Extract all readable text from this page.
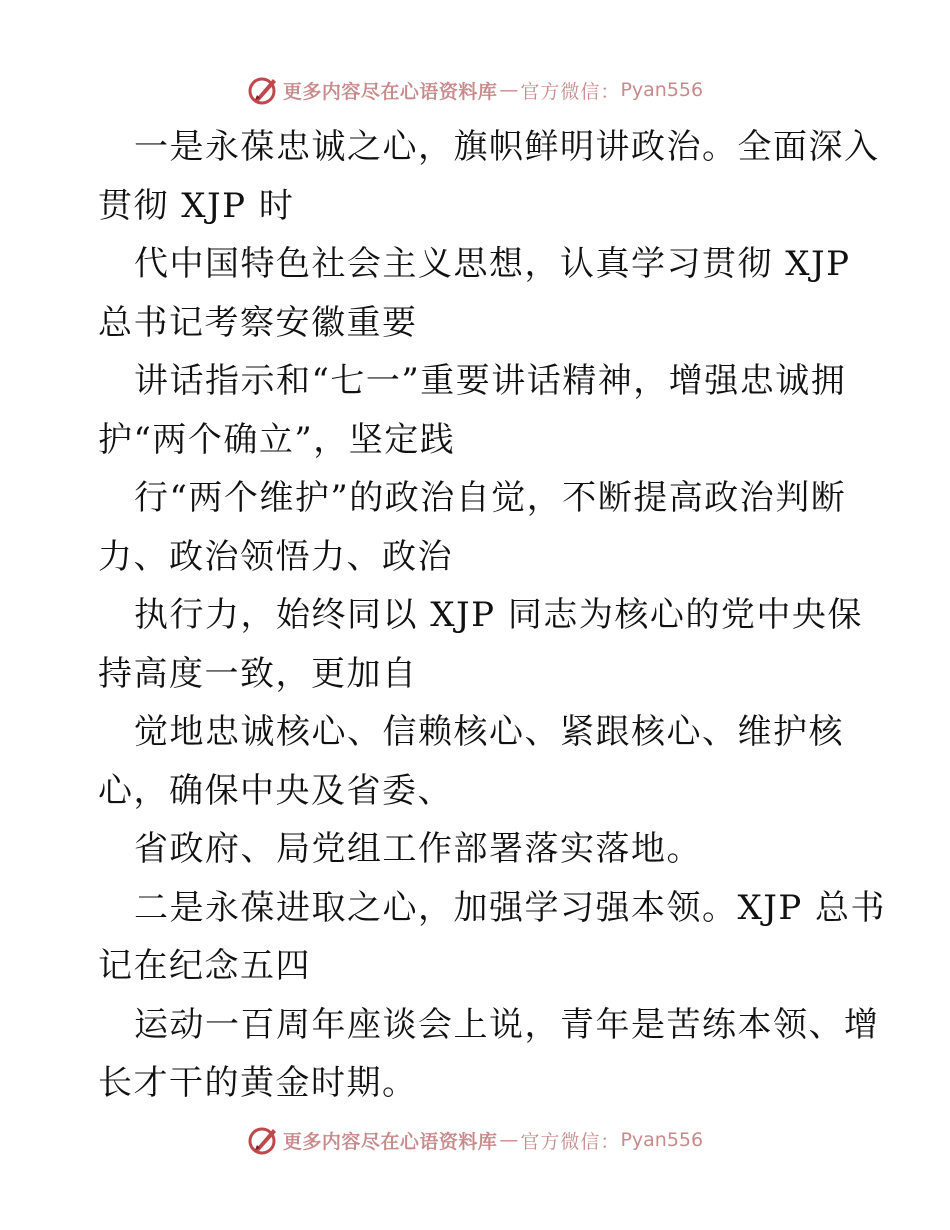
更多内容尽在心语资料库 — 官方微信： Pyan556
一是永葆忠诚之心，旗帜鲜明讲政治。全面深入
贯彻 XJP 时
代中国特色社会主义思想，认真学习贯彻 XJP
总书记考察安徽重要
讲话指示和“七一”重要讲话精神，增强忠诚拥
护“两个确立”，坚定践
行“两个维护”的政治自觉，不断提高政治判断
力、政治领悟力、政治
执行力，始终同以 XJP 同志为核心的党中央保
持高度一致，更加自
觉地忠诚核心、信赖核心、紧跟核心、维护核
心，确保中央及省委、
省政府、局党组工作部署落实落地。
二是永葆进取之心，加强学习强本领。XJP 总书
记在纪念五四
运动一百周年座谈会上说，青年是苦练本领、增
长才干的黄金时期。
更多内容尽在心语资料库 — 官方微信： Pyan556
